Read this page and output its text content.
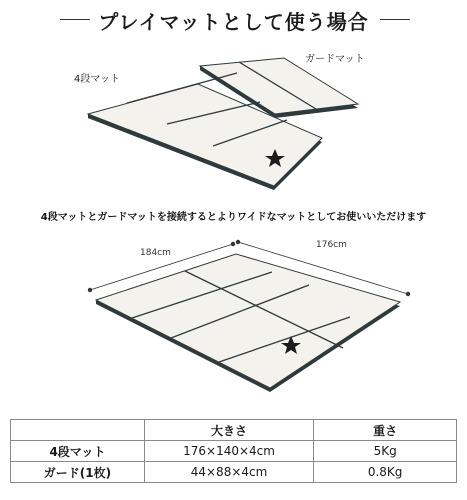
プレイマットとして使う場合
4段マット
ガードマット
4段マットとガードマットを接続するとよりワイドなマットとしてお使いいただけます
184cm
176cm
	大きさ	重さ
4段マット	176×140×4cm	5Kg
ガード(1枚)	44×88×4cm	0.8Kg
